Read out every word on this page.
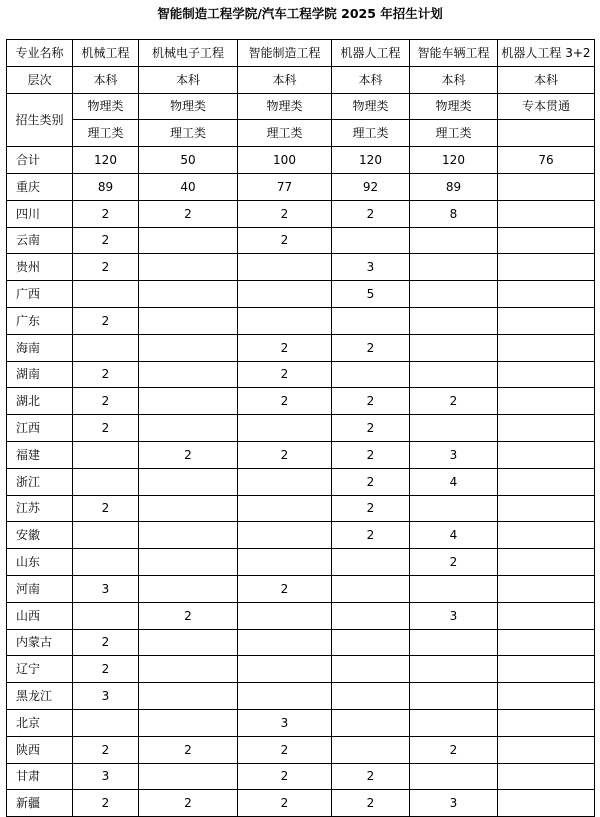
智能制造工程学院/汽车工程学院 2025 年招生计划
专业名称	机械工程	机械电子工程	智能制造工程	机器人工程	智能车辆工程	机器人工程 3+2
层次	本科	本科	本科	本科	本科	本科
招生类别	物理类	物理类	物理类	物理类	物理类	专本贯通
	理工类	理工类	理工类	理工类	理工类	
合计	120	50	100	120	120	76
重庆	89	40	77	92	89	
四川	2	2	2	2	8	
云南	2		2			
贵州	2			3		
广西				5		
广东	2					
海南			2	2		
湖南	2		2			
湖北	2		2	2	2	
江西	2			2		
福建		2	2	2	3	
浙江				2	4	
江苏	2			2		
安徽				2	4	
山东					2	
河南	3		2			
山西		2			3	
内蒙古	2					
辽宁	2					
黑龙江	3					
北京			3			
陕西	2	2	2		2	
甘肃	3		2	2		
新疆	2	2	2	2	3	
